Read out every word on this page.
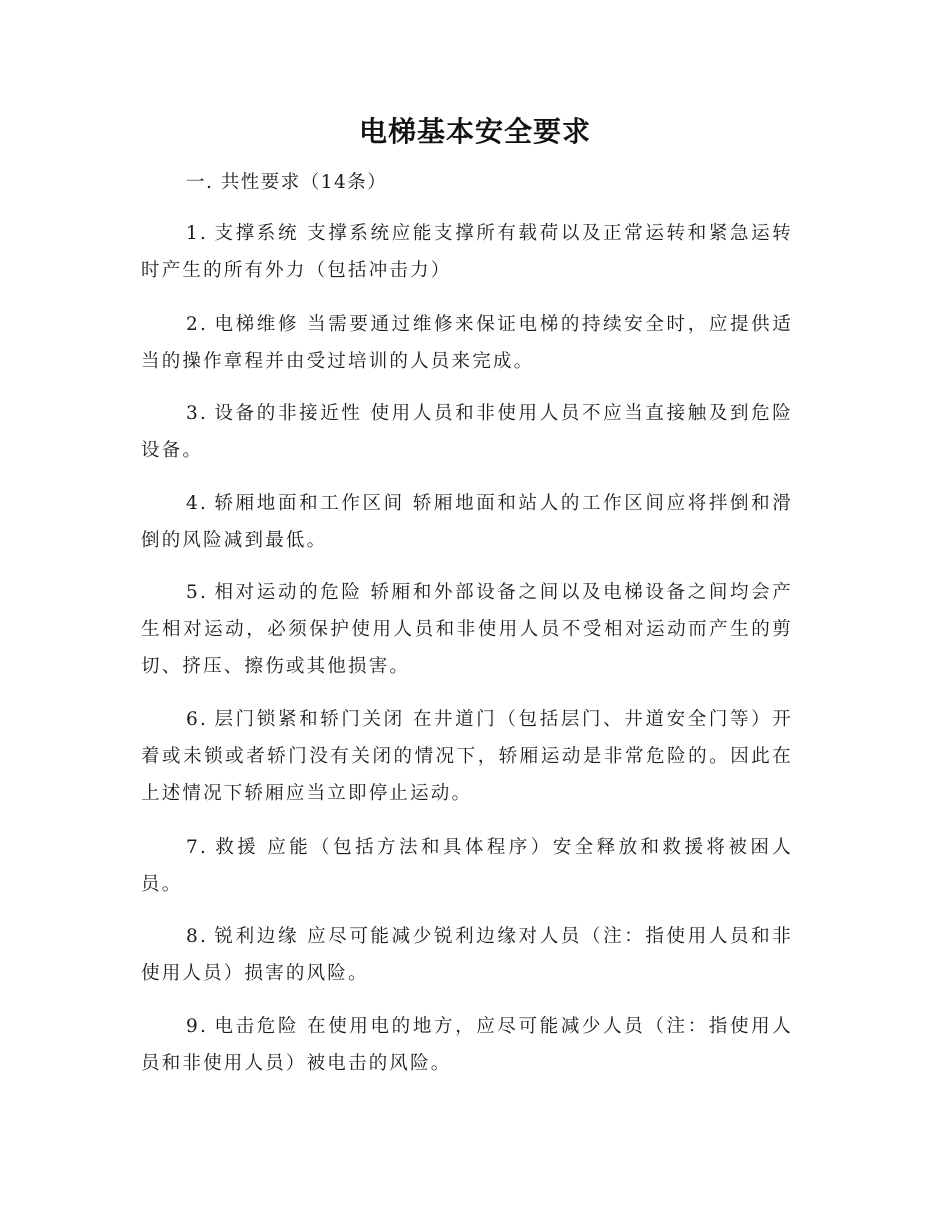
电梯基本安全要求
一. 共性要求（14条）

1. 支撑系统 支撑系统应能支撑所有载荷以及正常运转和紧急运转时产生的所有外力（包括冲击力）

2. 电梯维修 当需要通过维修来保证电梯的持续安全时，应提供适当的操作章程并由受过培训的人员来完成。

3. 设备的非接近性 使用人员和非使用人员不应当直接触及到危险设备。

4. 轿厢地面和工作区间 轿厢地面和站人的工作区间应将拌倒和滑倒的风险减到最低。

5. 相对运动的危险 轿厢和外部设备之间以及电梯设备之间均会产生相对运动，必须保护使用人员和非使用人员不受相对运动而产生的剪切、挤压、擦伤或其他损害。

6. 层门锁紧和轿门关闭 在井道门（包括层门、井道安全门等）开着或未锁或者轿门没有关闭的情况下，轿厢运动是非常危险的。因此在上述情况下轿厢应当立即停止运动。

7. 救援 应能（包括方法和具体程序）安全释放和救援将被困人员。

8. 锐利边缘 应尽可能减少锐利边缘对人员（注：指使用人员和非使用人员）损害的风险。

9. 电击危险 在使用电的地方，应尽可能减少人员（注：指使用人员和非使用人员）被电击的风险。
